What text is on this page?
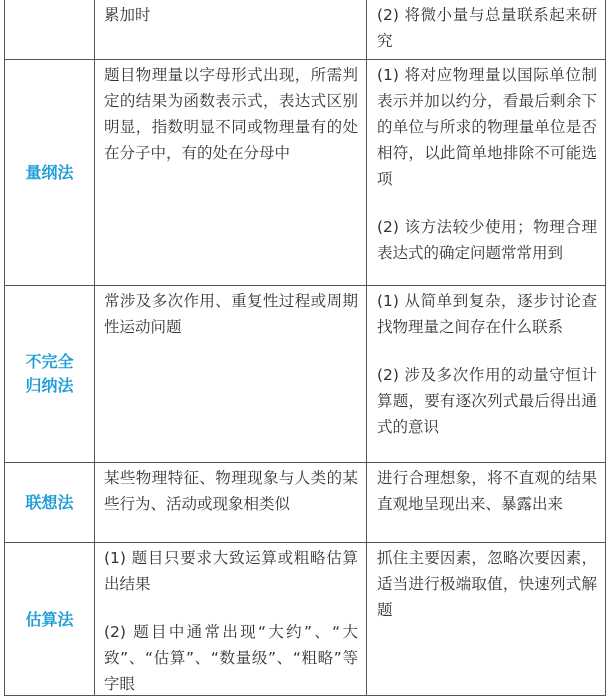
累加时	(2) 将微小量与总量联系起来研究

量纲法

题目物理量以字母形式出现，所需判定的结果为函数表示式，表达式区别明显，指数明显不同或物理量有的处在分子中，有的处在分母中

(1) 将对应物理量以国际单位制表示并加以约分，看最后剩余下的单位与所求的物理量单位是否相符，以此简单地排除不可能选项

(2) 该方法较少使用；物理合理表达式的确定问题常常用到

不完全归纳法

常涉及多次作用、重复性过程或周期性运动问题

(1) 从简单到复杂，逐步讨论查找物理量之间存在什么联系

(2) 涉及多次作用的动量守恒计算题，要有逐次列式最后得出通式的意识

联想法

某些物理特征、物理现象与人类的某些行为、活动或现象相类似

进行合理想象，将不直观的结果直观地呈现出来、暴露出来

估算法

(1) 题目只要求大致运算或粗略估算出结果

(2) 题目中通常出现“大约”、“大致”、“估算”、“数量级”、“粗略”等字眼

抓住主要因素，忽略次要因素，适当进行极端取值，快速列式解题
